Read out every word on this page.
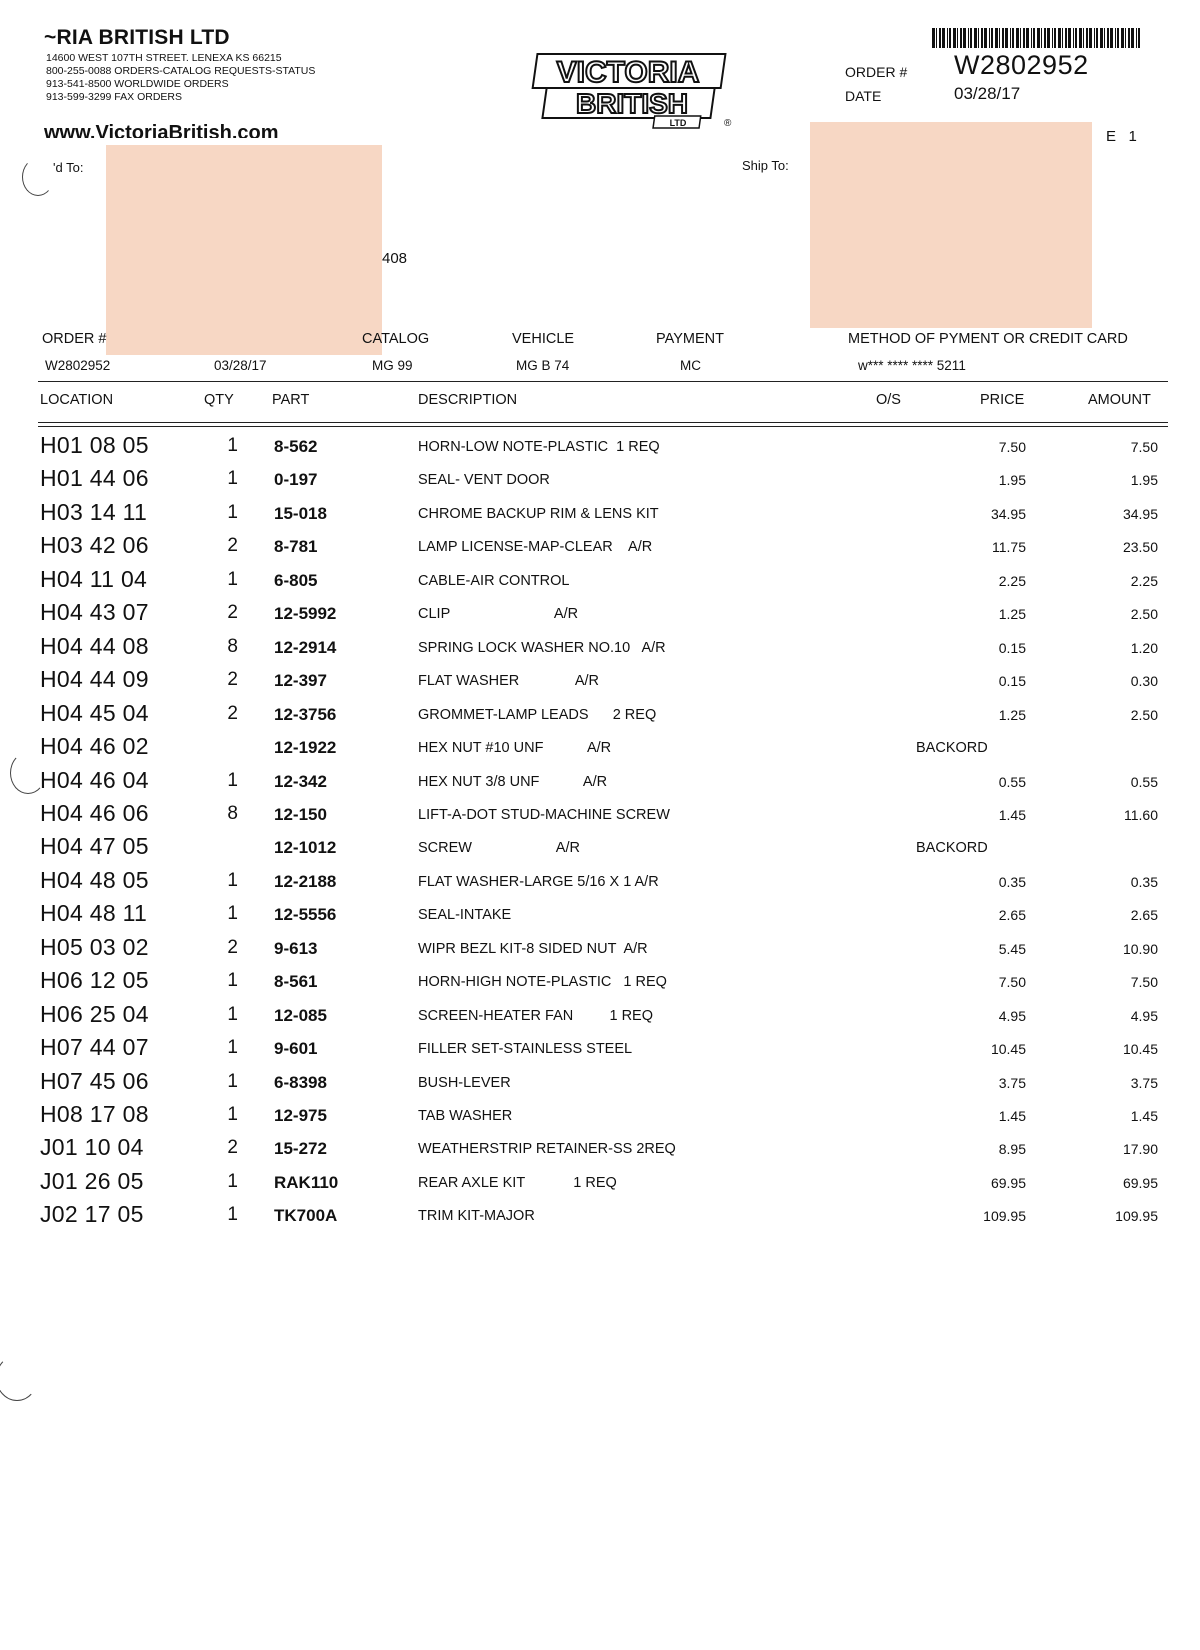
~RIA BRITISH LTD
14600 WEST 107TH STREET. LENEXA KS 66215
800-255-0088 ORDERS-CATALOG REQUESTS-STATUS
913-541-8500 WORLDWIDE ORDERS
913-599-3299 FAX ORDERS
www.VictoriaBritish.com
VICTORIA
BRITISH
LTD	®
ORDER # W2802952
DATE	03/28/17
E 1
'd To:	Ship To:
408
ORDER #	CATALOG	VEHICLE	PAYMENT	METHOD OF PYMENT OR CREDIT CARD
W2802952	03/28/17	MG 99	MG B 74	MC	w*** **** **** 5211
LOCATION	QTY	PART	DESCRIPTION	O/S	PRICE	AMOUNT
H01 08 05	1 8-562	HORN-LOW NOTE-PLASTIC  1 REQ	7.50	7.50
H01 44 06	1 0-197	SEAL- VENT DOOR	1.95	1.95
H03 14 11	1 15-018	CHROME BACKUP RIM & LENS KIT	34.95	34.95
H03 42 06	2 8-781	LAMP LICENSE-MAP-CLEAR    A/R	11.75	23.50
H04 11 04	1 6-805	CABLE-AIR CONTROL	2.25	2.25
H04 43 07	2 12-5992	CLIP                          A/R	1.25	2.50
H04 44 08	8 12-2914	SPRING LOCK WASHER NO.10   A/R	0.15	1.20
H04 44 09	2 12-397	FLAT WASHER              A/R	0.15	0.30
H04 45 04	2 12-3756	GROMMET-LAMP LEADS      2 REQ	1.25	2.50
H04 46 02	12-1922	HEX NUT #10 UNF           A/R	BACKORD
H04 46 04	1 12-342	HEX NUT 3/8 UNF           A/R	0.55	0.55
H04 46 06	8 12-150	LIFT-A-DOT STUD-MACHINE SCREW	1.45	11.60
H04 47 05	12-1012	SCREW                     A/R	BACKORD
H04 48 05	1 12-2188	FLAT WASHER-LARGE 5/16 X 1 A/R	0.35	0.35
H04 48 11	1 12-5556	SEAL-INTAKE	2.65	2.65
H05 03 02	2 9-613	WIPR BEZL KIT-8 SIDED NUT  A/R	5.45	10.90
H06 12 05	1 8-561	HORN-HIGH NOTE-PLASTIC   1 REQ	7.50	7.50
H06 25 04	1 12-085	SCREEN-HEATER FAN         1 REQ	4.95	4.95
H07 44 07	1 9-601	FILLER SET-STAINLESS STEEL	10.45	10.45
H07 45 06	1 6-8398	BUSH-LEVER	3.75	3.75
H08 17 08	1 12-975	TAB WASHER	1.45	1.45
J01 10 04	2 15-272	WEATHERSTRIP RETAINER-SS 2REQ	8.95	17.90
J01 26 05	1 RAK110	REAR AXLE KIT            1 REQ	69.95	69.95
J02 17 05	1 TK700A	TRIM KIT-MAJOR	109.95	109.95
